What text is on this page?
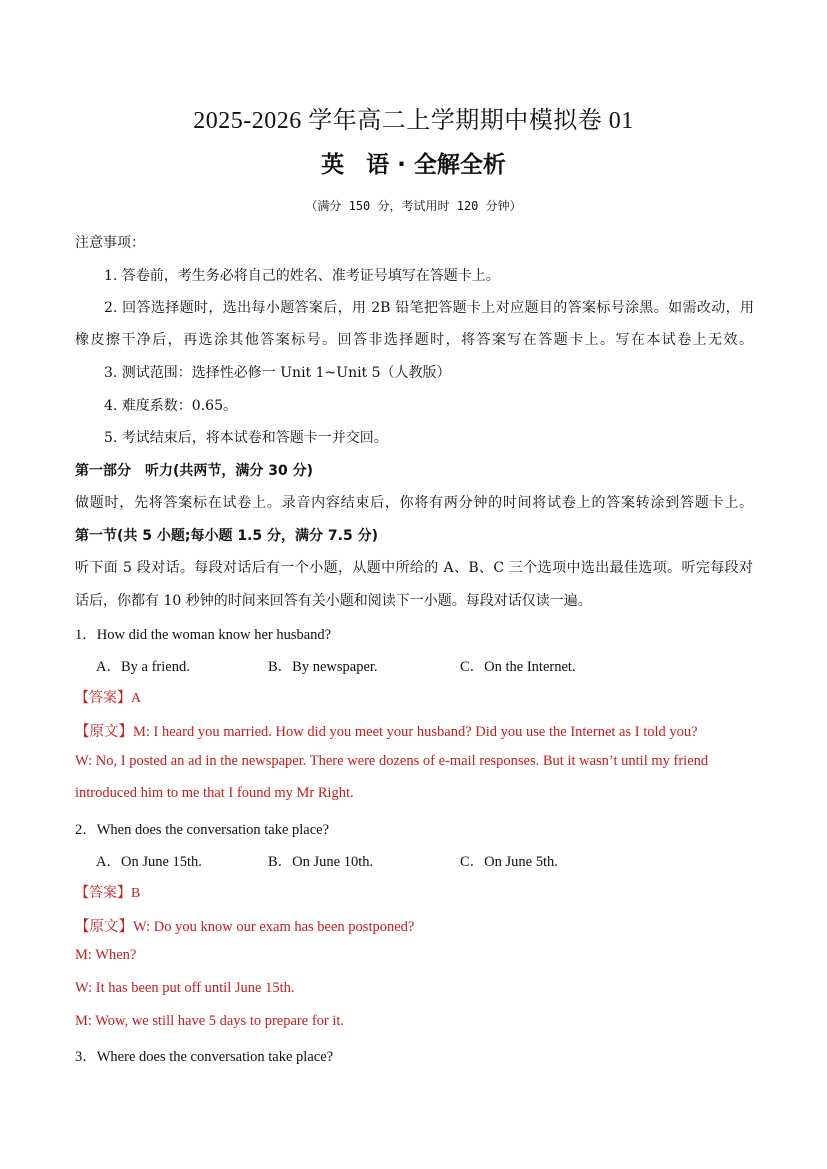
2025-2026 学年高二上学期期中模拟卷 01
英 语 · 全解全析
（满分 150 分，考试用时 120 分钟）
注意事项：
1. 答卷前，考生务必将自己的姓名、准考证号填写在答题卡上。
2. 回答选择题时，选出每小题答案后，用 2B 铅笔把答题卡上对应题目的答案标号涂黑。如需改动，用
橡皮擦干净后，再选涂其他答案标号。回答非选择题时，将答案写在答题卡上。写在本试卷上无效。
3. 测试范围：选择性必修一 Unit 1~Unit 5（人教版）
4. 难度系数：0.65。
5. 考试结束后，将本试卷和答题卡一并交回。
第一部分　听力(共两节，满分 30 分)
做题时，先将答案标在试卷上。录音内容结束后，你将有两分钟的时间将试卷上的答案转涂到答题卡上。
第一节(共 5 小题;每小题 1.5 分，满分 7.5 分)
听下面 5 段对话。每段对话后有一个小题，从题中所给的 A、B、C 三个选项中选出最佳选项。听完每段对
话后，你都有 10 秒钟的时间来回答有关小题和阅读下一小题。每段对话仅读一遍。
1．How did the woman know her husband?
A．By a friend.	B．By newspaper.	C．On the Internet.
【答案】A
【原文】M: I heard you married. How did you meet your husband? Did you use the Internet as I told you?
W: No, I posted an ad in the newspaper. There were dozens of e-mail responses. But it wasn’t until my friend
introduced him to me that I found my Mr Right.
2．When does the conversation take place?
A．On June 15th.	B．On June 10th.	C．On June 5th.
【答案】B
【原文】W: Do you know our exam has been postponed?
M: When?
W: It has been put off until June 15th.
M: Wow, we still have 5 days to prepare for it.
3．Where does the conversation take place?
